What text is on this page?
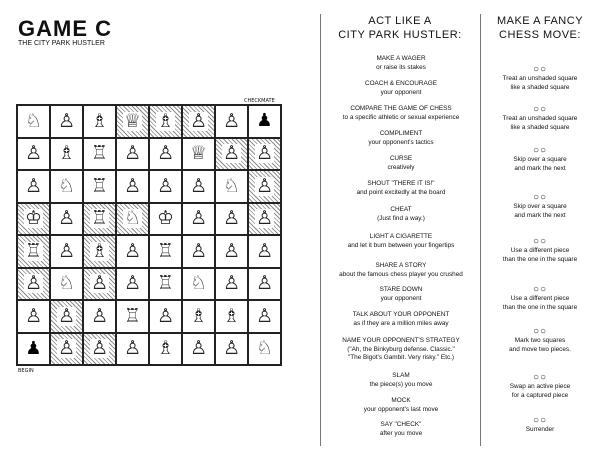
GAME C
THE CITY PARK HUSTLER
CHECKMATE
BEGIN
♘ ♙ ♗ ♕ ♗ ♙ ♙ ♟
♙ ♗ ♖ ♙ ♙ ♕ ♙ ♙
♙ ♘ ♖ ♙ ♙ ♙ ♘ ♙
♔ ♙ ♖ ♘ ♔ ♙ ♙ ♙
♖ ♙ ♗ ♙ ♖ ♙ ♙ ♙
♙ ♘ ♙ ♙ ♖ ♘ ♙ ♙
♙ ♙ ♙ ♖ ♙ ♗ ♗ ♙
♟ ♙ ♙ ♙ ♗ ♙ ♙ ♘
ACT LIKE A
CITY PARK HUSTLER:
MAKE A FANCY
CHESS MOVE:
MAKE A WAGER
or raise its stakes
COACH & ENCOURAGE
your opponent
COMPARE THE GAME OF CHESS
to a specific athletic or sexual experience
COMPLIMENT
your opponent's tactics
CURSE
creatively
SHOUT "THERE IT IS!"
and point excitedly at the board
CHEAT
(Just find a way.)
LIGHT A CIGARETTE
and let it burn between your fingertips
SHARE A STORY
about the famous chess player you crushed
STARE DOWN
your opponent
TALK ABOUT YOUR OPPONENT
as if they are a million miles away
NAME YOUR OPPONENT'S STRATEGY
("Ah, the Binkyburg defense. Classic."
"The Bigot's Gambit. Very risky." Etc.)
SLAM
the piece(s) you move
MOCK
your opponent's last move
SAY "CHECK"
after you move
○○
Treat an unshaded square
like a shaded square
○○
Treat an unshaded square
like a shaded square
○○
Skip over a square
and mark the next
○○
Skip over a square
and mark the next
○○
Use a different piece
than the one in the square
○○
Use a different piece
than the one in the square
○○
Mark two squares
and move two pieces.
○○
Swap an active piece
for a captured piece
○○
Surrender
